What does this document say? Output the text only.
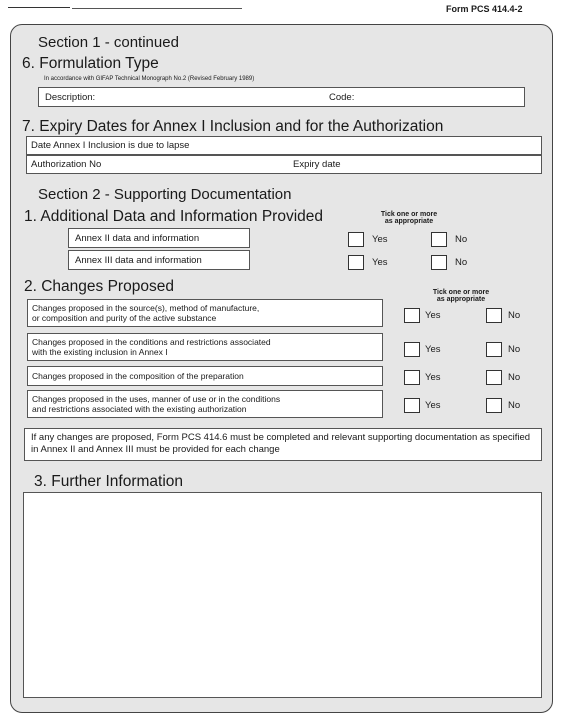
Form PCS 414.4-2
Section 1 - continued
6. Formulation Type
In accordance with GIFAP Technical Monograph No.2 (Revised February 1989)
Description:	Code:
7. Expiry Dates for Annex I Inclusion and for the Authorization
Date Annex I Inclusion is due to lapse
Authorization No	Expiry date
Section 2 - Supporting Documentation
1. Additional Data and Information Provided	Tick one or more
as appropriate
Annex II data and information	Yes	No
Annex III data and information	Yes	No
2. Changes Proposed	Tick one or more
as appropriate
Changes proposed in the source(s), method of manufacture,
or composition and purity of the active substance	Yes	No
Changes proposed in the conditions and restrictions associated
with the existing inclusion in Annex I	Yes	No
Changes proposed in the composition of the preparation	Yes	No
Changes proposed in the uses, manner of use or in the conditions
and restrictions associated with the existing authorization	Yes	No
If any changes are proposed, Form PCS 414.6 must be completed and relevant supporting documentation as specified in Annex II and Annex III must be provided for each change
3. Further Information
